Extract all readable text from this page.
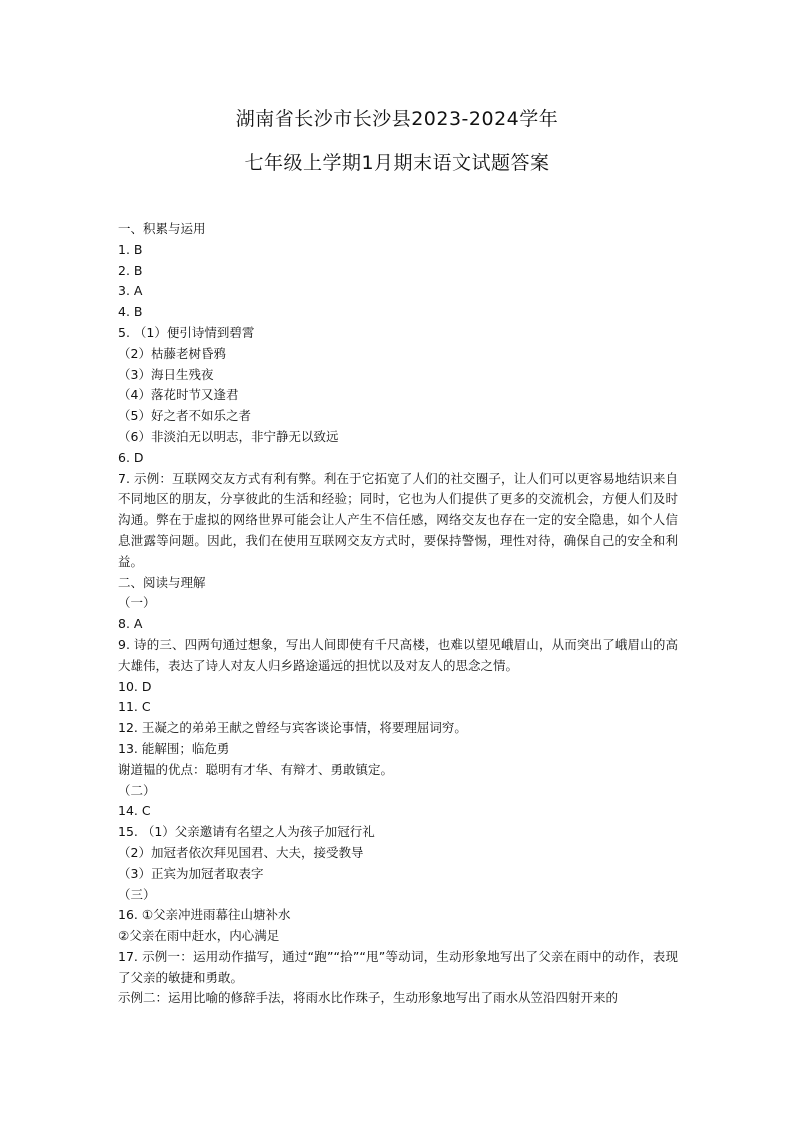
湖南省长沙市长沙县2023-2024学年
七年级上学期1月期末语文试题答案
一、积累与运用
1. B
2. B
3. A
4. B
5. （1）便引诗情到碧霄
（2）枯藤老树昏鸦
（3）海日生残夜
（4）落花时节又逢君
（5）好之者不如乐之者
（6）非淡泊无以明志，非宁静无以致远
6. D
7. 示例：互联网交友方式有利有弊。利在于它拓宽了人们的社交圈子，让人们可以更容易地结识来自不同地区的朋友，分享彼此的生活和经验；同时，它也为人们提供了更多的交流机会，方便人们及时沟通。弊在于虚拟的网络世界可能会让人产生不信任感，网络交友也存在一定的安全隐患，如个人信息泄露等问题。因此，我们在使用互联网交友方式时，要保持警惕，理性对待，确保自己的安全和利益。
二、阅读与理解
（一）
8. A
9. 诗的三、四两句通过想象，写出人间即使有千尺高楼，也难以望见峨眉山，从而突出了峨眉山的高大雄伟，表达了诗人对友人归乡路途遥远的担忧以及对友人的思念之情。
10. D
11. C
12. 王凝之的弟弟王献之曾经与宾客谈论事情，将要理屈词穷。
13. 能解围；临危勇
谢道韫的优点：聪明有才华、有辩才、勇敢镇定。
（二）
14. C
15. （1）父亲邀请有名望之人为孩子加冠行礼
（2）加冠者依次拜见国君、大夫，接受教导
（3）正宾为加冠者取表字
（三）
16. ①父亲冲进雨幕往山塘补水
②父亲在雨中赶水，内心满足
17. 示例一：运用动作描写，通过“跑”“拾”“甩”等动词，生动形象地写出了父亲在雨中的动作，表现了父亲的敏捷和勇敢。
示例二：运用比喻的修辞手法，将雨水比作珠子，生动形象地写出了雨水从笠沿四射开来的
